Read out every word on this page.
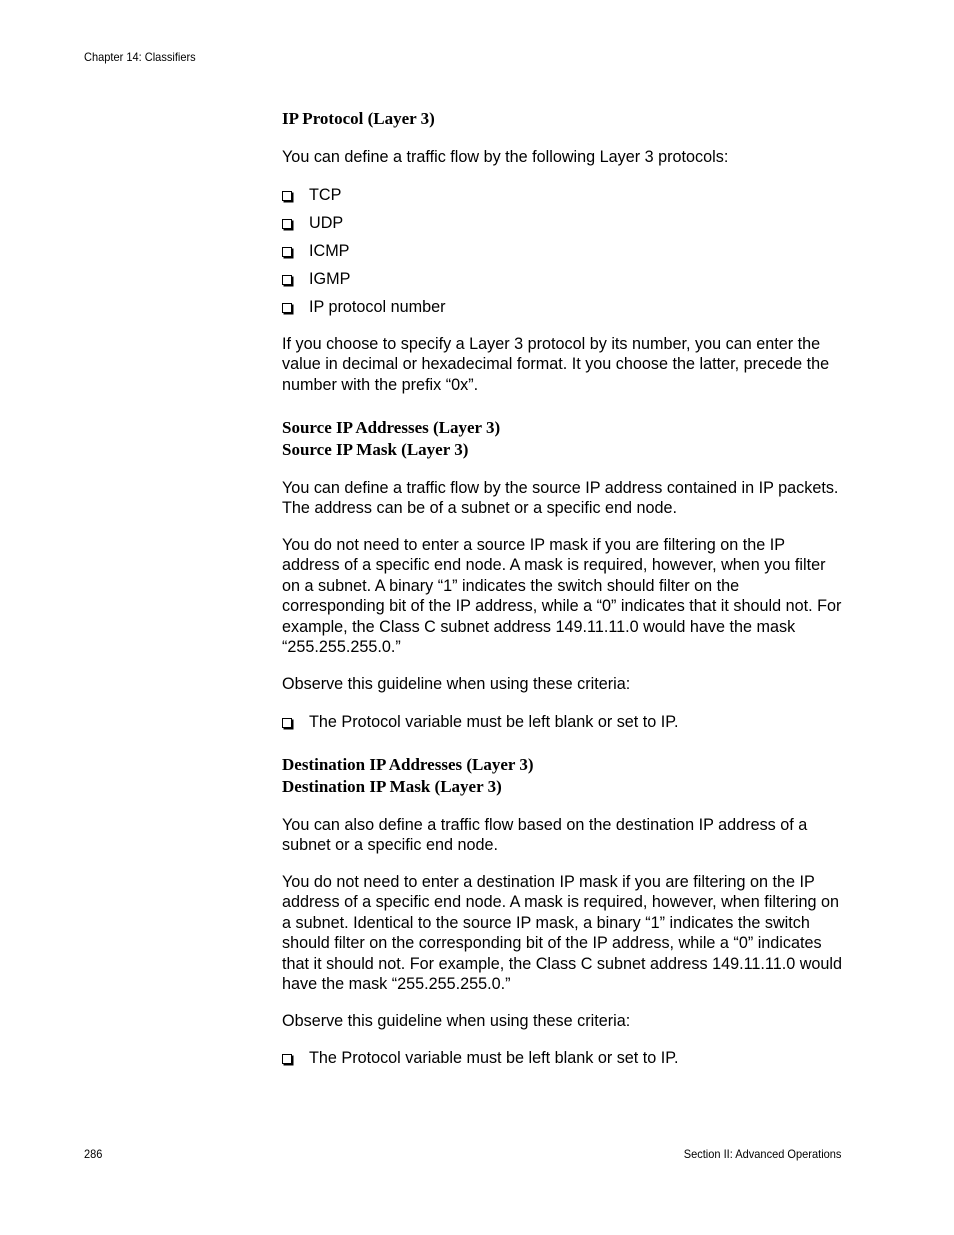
Chapter 14: Classifiers
IP Protocol (Layer 3)

You can define a traffic flow by the following Layer 3 protocols:

TCP
UDP
ICMP
IGMP
IP protocol number

If you choose to specify a Layer 3 protocol by its number, you can enter the value in decimal or hexadecimal format. It you choose the latter, precede the number with the prefix “0x”.

Source IP Addresses (Layer 3)
Source IP Mask (Layer 3)

You can define a traffic flow by the source IP address contained in IP packets. The address can be of a subnet or a specific end node.

You do not need to enter a source IP mask if you are filtering on the IP address of a specific end node. A mask is required, however, when you filter on a subnet. A binary “1” indicates the switch should filter on the corresponding bit of the IP address, while a “0” indicates that it should not. For example, the Class C subnet address 149.11.11.0 would have the mask “255.255.255.0.”

Observe this guideline when using these criteria:

The Protocol variable must be left blank or set to IP.
Destination IP Addresses (Layer 3)
Destination IP Mask (Layer 3)

You can also define a traffic flow based on the destination IP address of a subnet or a specific end node.

You do not need to enter a destination IP mask if you are filtering on the IP address of a specific end node. A mask is required, however, when filtering on a subnet. Identical to the source IP mask, a binary “1” indicates the switch should filter on the corresponding bit of the IP address, while a “0” indicates that it should not. For example, the Class C subnet address 149.11.11.0 would have the mask “255.255.255.0.”

Observe this guideline when using these criteria:

The Protocol variable must be left blank or set to IP.
286	Section II: Advanced Operations
